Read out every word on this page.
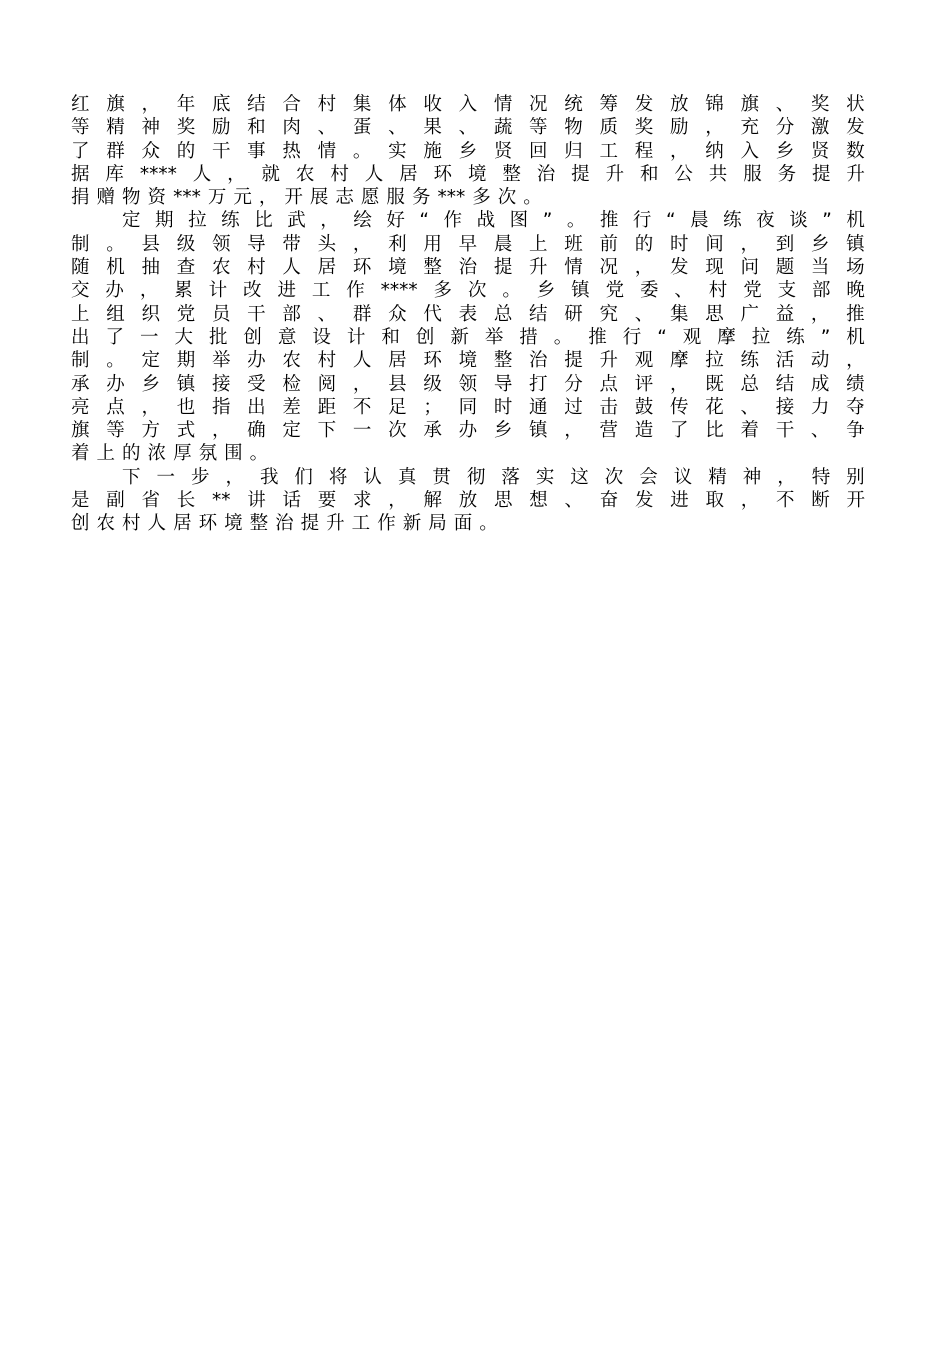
红 旗 ， 年 底 结 合 村 集 体 收 入 情 况 统 筹 发 放 锦 旗 、 奖 状
等 精 神 奖 励 和 肉 、 蛋 、 果 、 蔬 等 物 质 奖 励 ， 充 分 激 发
了 群 众 的 干 事 热 情 。 实 施 乡 贤 回 归 工 程 ， 纳 入 乡 贤 数
据 库 **** 人 ， 就 农 村 人 居 环 境 整 治 提 升 和 公 共 服 务 提 升
捐 赠 物 资 *** 万 元 ， 开 展 志 愿 服 务 *** 多 次 。
定 期 拉 练 比 武 ， 绘 好 “ 作 战 图 ” 。 推 行 “ 晨 练 夜 谈 ” 机
制 。 县 级 领 导 带 头 ， 利 用 早 晨 上 班 前 的 时 间 ， 到 乡 镇
随 机 抽 查 农 村 人 居 环 境 整 治 提 升 情 况 ， 发 现 问 题 当 场
交 办 ， 累 计 改 进 工 作 **** 多 次 。 乡 镇 党 委 、 村 党 支 部 晚
上 组 织 党 员 干 部 、 群 众 代 表 总 结 研 究 、 集 思 广 益 ， 推
出 了 一 大 批 创 意 设 计 和 创 新 举 措 。 推 行 “ 观 摩 拉 练 ” 机
制 。 定 期 举 办 农 村 人 居 环 境 整 治 提 升 观 摩 拉 练 活 动 ，
承 办 乡 镇 接 受 检 阅 ， 县 级 领 导 打 分 点 评 ， 既 总 结 成 绩
亮 点 ， 也 指 出 差 距 不 足 ； 同 时 通 过 击 鼓 传 花 、 接 力 夺
旗 等 方 式 ， 确 定 下 一 次 承 办 乡 镇 ， 营 造 了 比 着 干 、 争
着 上 的 浓 厚 氛 围 。
下 一 步 ， 我 们 将 认 真 贯 彻 落 实 这 次 会 议 精 神 ， 特 别
是 副 省 长 ** 讲 话 要 求 ， 解 放 思 想 、 奋 发 进 取 ， 不 断 开
创 农 村 人 居 环 境 整 治 提 升 工 作 新 局 面 。
